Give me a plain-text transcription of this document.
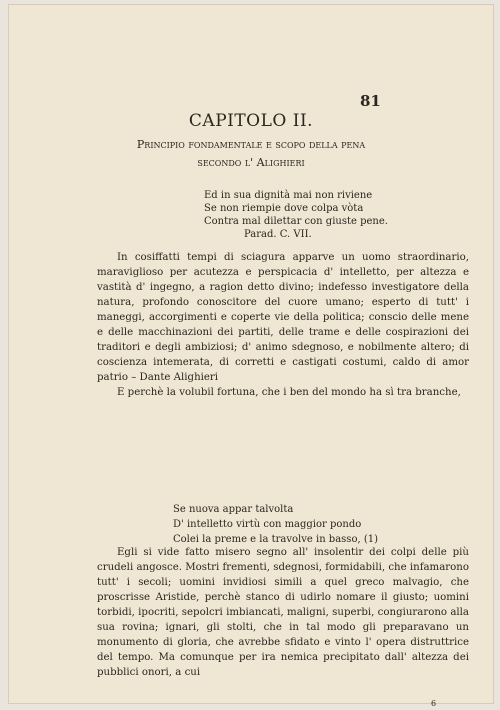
81
CAPITOLO II.
Principio fondamentale e scopo della pena
secondo l' Alighieri
Ed in sua dignità mai non riviene
Se non riempie dove colpa vòta
Contra mal dilettar con giuste pene.
Parad. C. VII.

In cosiffatti tempi di sciagura apparve un uomo straordinario, maraviglioso per acutezza e perspicacia d' intelletto, per altezza e vastità d' ingegno, a ragion detto divino; indefesso investigatore della natura, profondo conoscitore del cuore umano; esperto di tutt' i maneggi, accorgimenti e coperte vie della politica; conscio delle mene e delle macchinazioni dei partiti, delle trame e delle cospirazioni dei traditori e degli ambiziosi; d' animo sdegnoso, e nobilmente altero; di coscienza intemerata, di corretti e castigati costumi, caldo di amor patrio – Dante Alighieri

E perchè la volubil fortuna, che i ben del mondo ha sì tra branche,

Se nuova appar talvolta
D' intelletto virtù con maggior pondo
Colei la preme e la travolve in basso, (1)

Egli si vide fatto misero segno all' insolentir dei colpi delle più crudeli angosce. Mostri frementi, sdegnosi, formidabili, che infamarono tutt' i secoli; uomini invidiosi simili a quel greco malvagio, che proscrisse Aristide, perchè stanco di udirlo nomare il giusto; uomini torbidi, ipocriti, sepolcri imbiancati, maligni, superbi, congiurarono alla sua rovina; ignari, gli stolti, che in tal modo gli preparavano un monumento di gloria, che avrebbe sfidato e vinto l' opera distruttrice del tempo. Ma comunque per ira nemica precipitato dall' altezza dei pubblici onori, a cui

6
